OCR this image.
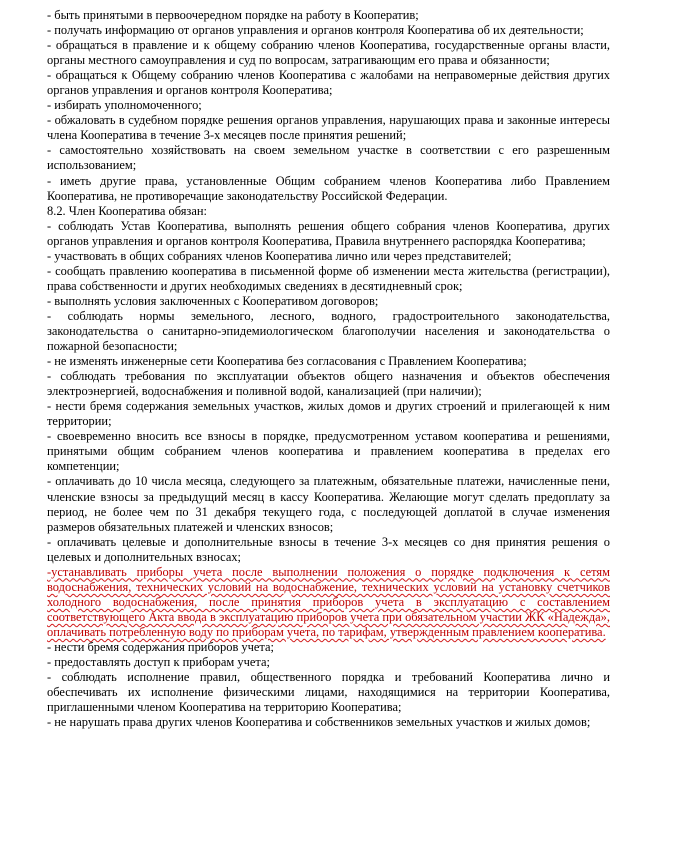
- быть принятыми в первоочередном порядке на работу в Кооператив;

- получать информацию от органов управления и органов контроля Кооператива об их деятельности;

- обращаться в правление и к общему собранию членов Кооператива, государственные органы власти, органы местного самоуправления и суд по вопросам, затрагивающим его права и обязанности;

- обращаться к Общему собранию членов Кооператива с жалобами на неправомерные действия других органов управления и органов контроля Кооператива;

- избирать уполномоченного;

- обжаловать в судебном порядке решения органов управления, нарушающих права и законные интересы члена Кооператива в течение 3-х месяцев после принятия решений;

- самостоятельно хозяйствовать на своем земельном участке в соответствии с его разрешенным использованием;

- иметь другие права, установленные Общим собранием членов Кооператива либо Правлением Кооператива, не противоречащие законодательству Российской Федерации.

8.2. Член Кооператива обязан:

- соблюдать Устав Кооператива, выполнять решения общего собрания членов Кооператива, других органов управления и органов контроля Кооператива, Правила внутреннего распорядка Кооператива;

- участвовать в общих собраниях членов Кооператива лично или через представителей;

- сообщать правлению кооператива в письменной форме об изменении места жительства (регистрации), права собственности и других необходимых сведениях в десятидневный срок;

- выполнять условия заключенных с Кооперативом договоров;

- соблюдать нормы земельного, лесного, водного, градостроительного законодательства, законодательства о санитарно-эпидемиологическом благополучии населения и законодательства о пожарной безопасности;

- не изменять инженерные сети Кооператива без согласования с Правлением Кооператива;

- соблюдать требования по эксплуатации объектов общего назначения и объектов обеспечения электроэнергией, водоснабжения и поливной водой, канализацией (при наличии);

- нести бремя содержания земельных участков, жилых домов и других строений и прилегающей к ним территории;

- своевременно вносить все взносы в порядке, предусмотренном уставом кооператива и решениями, принятыми общим собранием членов кооператива и правлением кооператива в пределах его компетенции;

- оплачивать до 10 числа месяца, следующего за платежным, обязательные платежи, начисленные пени, членские взносы за предыдущий месяц в кассу Кооператива. Желающие могут сделать предоплату за период, не более чем по 31 декабря текущего года, с последующей доплатой в случае изменения размеров обязательных платежей и членских взносов;

- оплачивать целевые и дополнительные взносы в течение 3-х месяцев со дня принятия решения о целевых и дополнительных взносах;

-устанавливать приборы учета после выполнении положения о порядке подключения к сетям водоснабжения, технических условий на водоснабжение, технических условий на установку счетчиков холодного водоснабжения, после принятия приборов учета в эксплуатацию с составлением соответствующего Акта ввода в эксплуатацию приборов учета при обязательном участии ЖК «Надежда», оплачивать потребленную воду по приборам учета, по тарифам, утвержденным правлением кооператива.

- нести бремя содержания приборов учета;

- предоставлять доступ к приборам учета;

- соблюдать исполнение правил, общественного порядка и требований Кооператива лично и обеспечивать их исполнение физическими лицами, находящимися на территории Кооператива, приглашенными членом Кооператива на территорию Кооператива;

- не нарушать права других членов Кооператива и собственников земельных участков и жилых домов;
